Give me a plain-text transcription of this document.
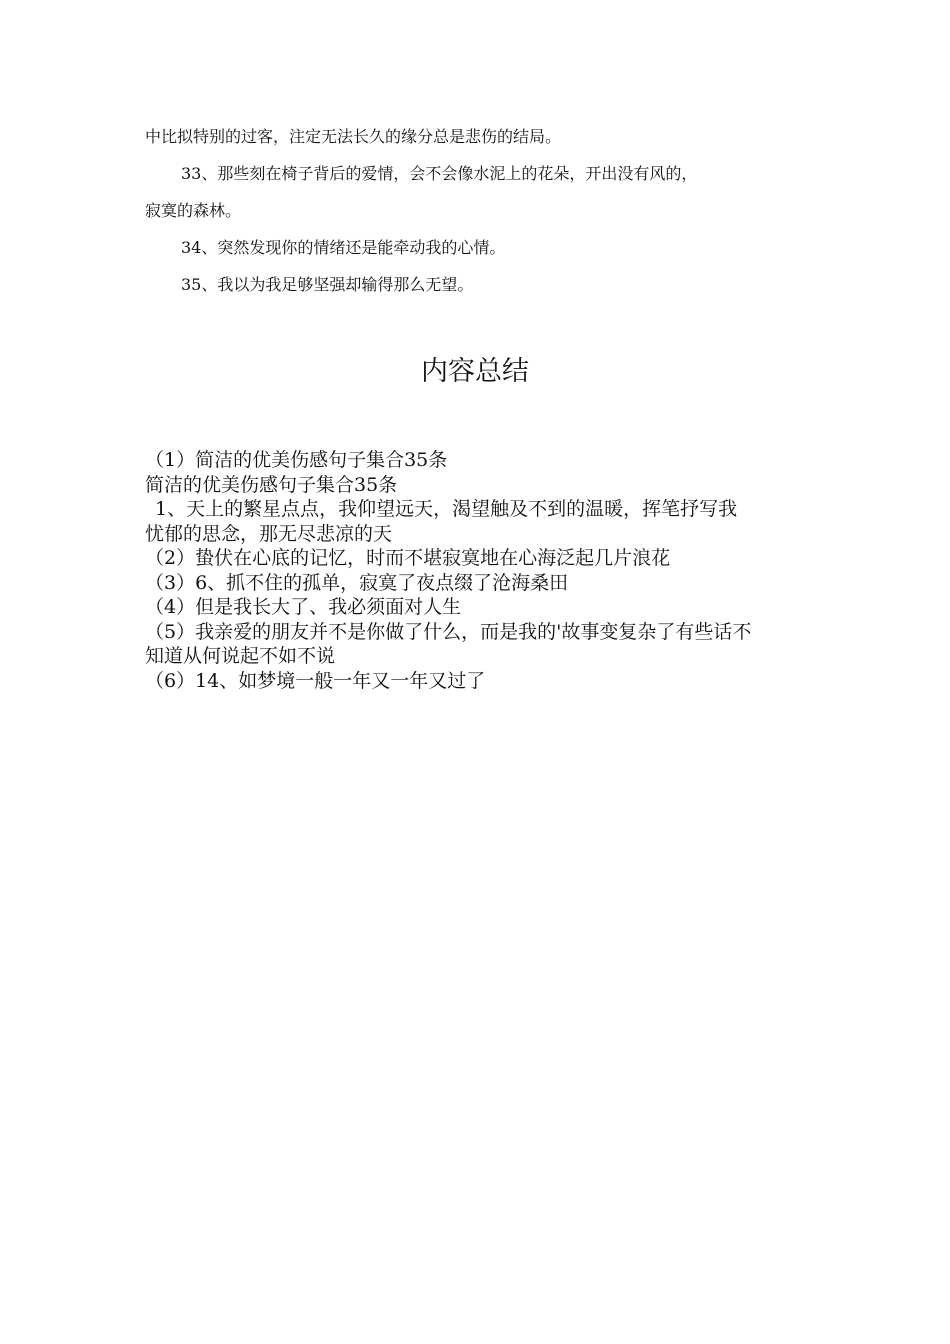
中比拟特别的过客，注定无法长久的缘分总是悲伤的结局。

33、那些刻在椅子背后的爱情，会不会像水泥上的花朵，开出没有风的，

寂寞的森林。

34、突然发现你的情绪还是能牵动我的心情。

35、我以为我足够坚强却输得那么无望。

内容总结

（1）简洁的优美伤感句子集合35条

简洁的优美伤感句子集合35条

1、天上的繁星点点，我仰望远天，渴望触及不到的温暖，挥笔抒写我

忧郁的思念，那无尽悲凉的天

（2）蛰伏在心底的记忆，时而不堪寂寞地在心海泛起几片浪花

（3）6、抓不住的孤单，寂寞了夜点缀了沧海桑田

（4）但是我长大了、我必须面对人生

（5）我亲爱的朋友并不是你做了什么，而是我的'故事变复杂了有些话不

知道从何说起不如不说

（6）14、如梦境一般一年又一年又过了
